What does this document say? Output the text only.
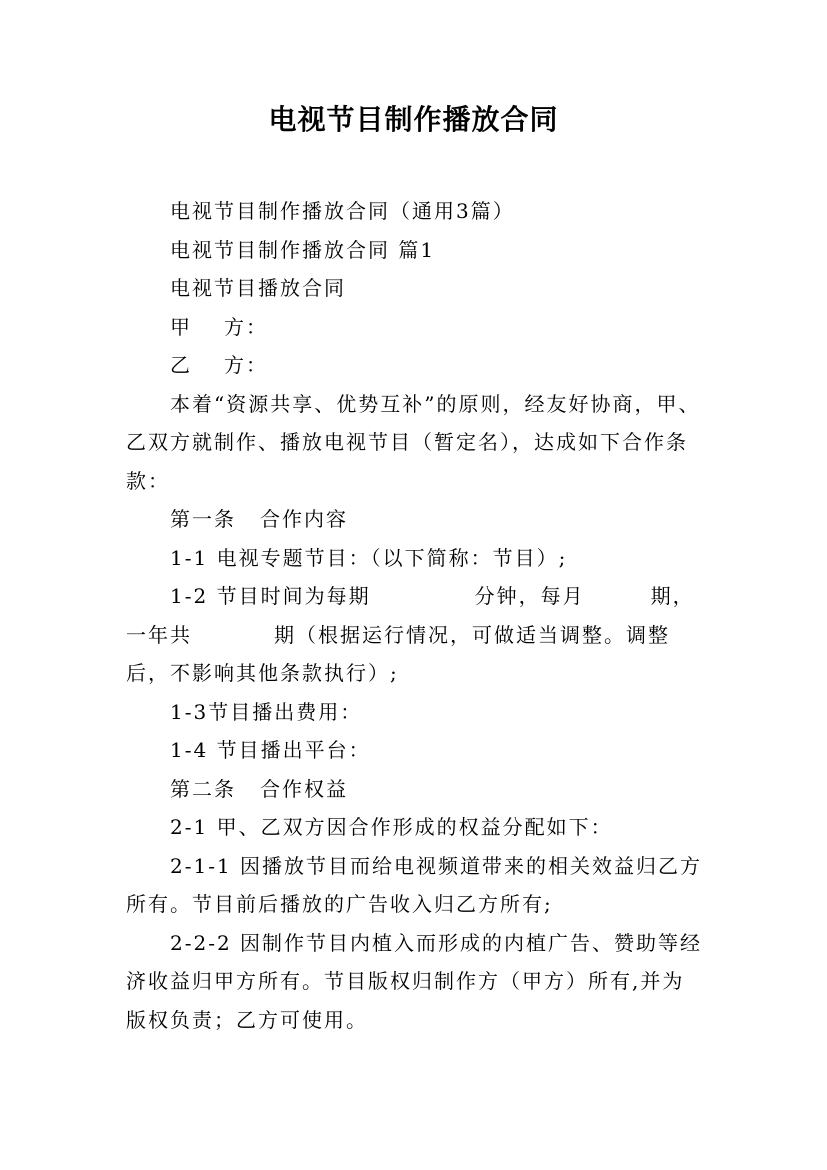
电视节目制作播放合同

电视节目制作播放合同（通用3篇）

电视节目制作播放合同 篇1

电视节目播放合同

甲 方：

乙 方：

本着“资源共享、优势互补”的原则，经友好协商，甲、乙双方就制作、播放电视节目（暂定名），达成如下合作条款：

第一条 合作内容

1-1 电视专题节目：（以下简称：节目）;

1-2 节目时间为每期	分钟，每月	期，一年共	期（根据运行情况，可做适当调整。调整后，不影响其他条款执行）;

1-3节目播出费用：

1-4 节目播出平台：

第二条 合作权益

2-1 甲、乙双方因合作形成的权益分配如下：

2-1-1 因播放节目而给电视频道带来的相关效益归乙方所有。节目前后播放的广告收入归乙方所有;

2-2-2 因制作节目内植入而形成的内植广告、赞助等经济收益归甲方所有。节目版权归制作方（甲方）所有,并为版权负责；乙方可使用。
